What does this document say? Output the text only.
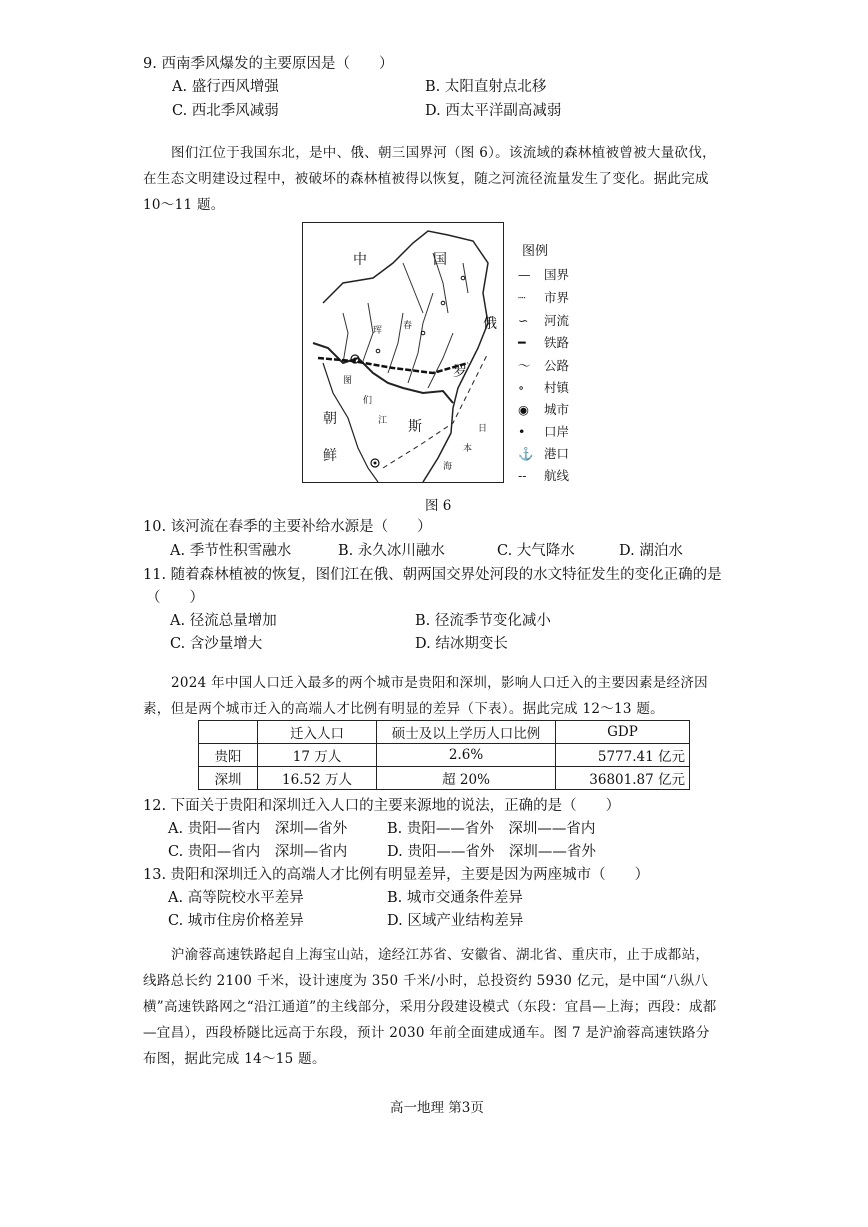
9. 西南季风爆发的主要原因是（　　）
A. 盛行西风增强	B. 太阳直射点北移
C. 西北季风减弱	D. 西太平洋副高减弱
图们江位于我国东北，是中、俄、朝三国界河（图 6）。该流域的森林植被曾被大量砍伐，在生态文明建设过程中，被破坏的森林植被得以恢复，随之河流径流量发生了变化。据此完成 10～11 题。
中	国
俄
罗
斯
朝
鲜
图
们
江
珲 春
日
本
海
图例
— 国界
┈ 市界
∽ 河流
━ 铁路
～ 公路
∘ 村镇
◉ 城市
• 口岸
⚓ 港口
-- 航线
图 6
10. 该河流在春季的主要补给水源是（　　）
A. 季节性积雪融水	B. 永久冰川融水	C. 大气降水	D. 湖泊水
11. 随着森林植被的恢复，图们江在俄、朝两国交界处河段的水文特征发生的变化正确的是
（　　）
A. 径流总量增加	B. 径流季节变化减小
C. 含沙量增大	D. 结冰期变长
2024 年中国人口迁入最多的两个城市是贵阳和深圳，影响人口迁入的主要因素是经济因素，但是两个城市迁入的高端人才比例有明显的差异（下表）。据此完成 12～13 题。
	迁入人口	硕士及以上学历人口比例	GDP
贵阳	17 万人	2.6%	5777.41 亿元
深圳	16.52 万人	超 20%	36801.87 亿元
12. 下面关于贵阳和深圳迁入人口的主要来源地的说法，正确的是（　　）
A. 贵阳—省内　深圳—省外	B. 贵阳——省外　深圳——省内
C. 贵阳—省内　深圳—省内	D. 贵阳——省外　深圳——省外
13. 贵阳和深圳迁入的高端人才比例有明显差异，主要是因为两座城市（　　）
A. 高等院校水平差异	B. 城市交通条件差异
C. 城市住房价格差异	D. 区域产业结构差异
沪渝蓉高速铁路起自上海宝山站，途经江苏省、安徽省、湖北省、重庆市，止于成都站，线路总长约 2100 千米，设计速度为 350 千米/小时，总投资约 5930 亿元，是中国“八纵八横”高速铁路网之“沿江通道”的主线部分，采用分段建设模式（东段：宜昌—上海；西段：成都—宜昌），西段桥隧比远高于东段，预计 2030 年前全面建成通车。图 7 是沪渝蓉高速铁路分布图，据此完成 14～15 题。
高一地理 第3页
